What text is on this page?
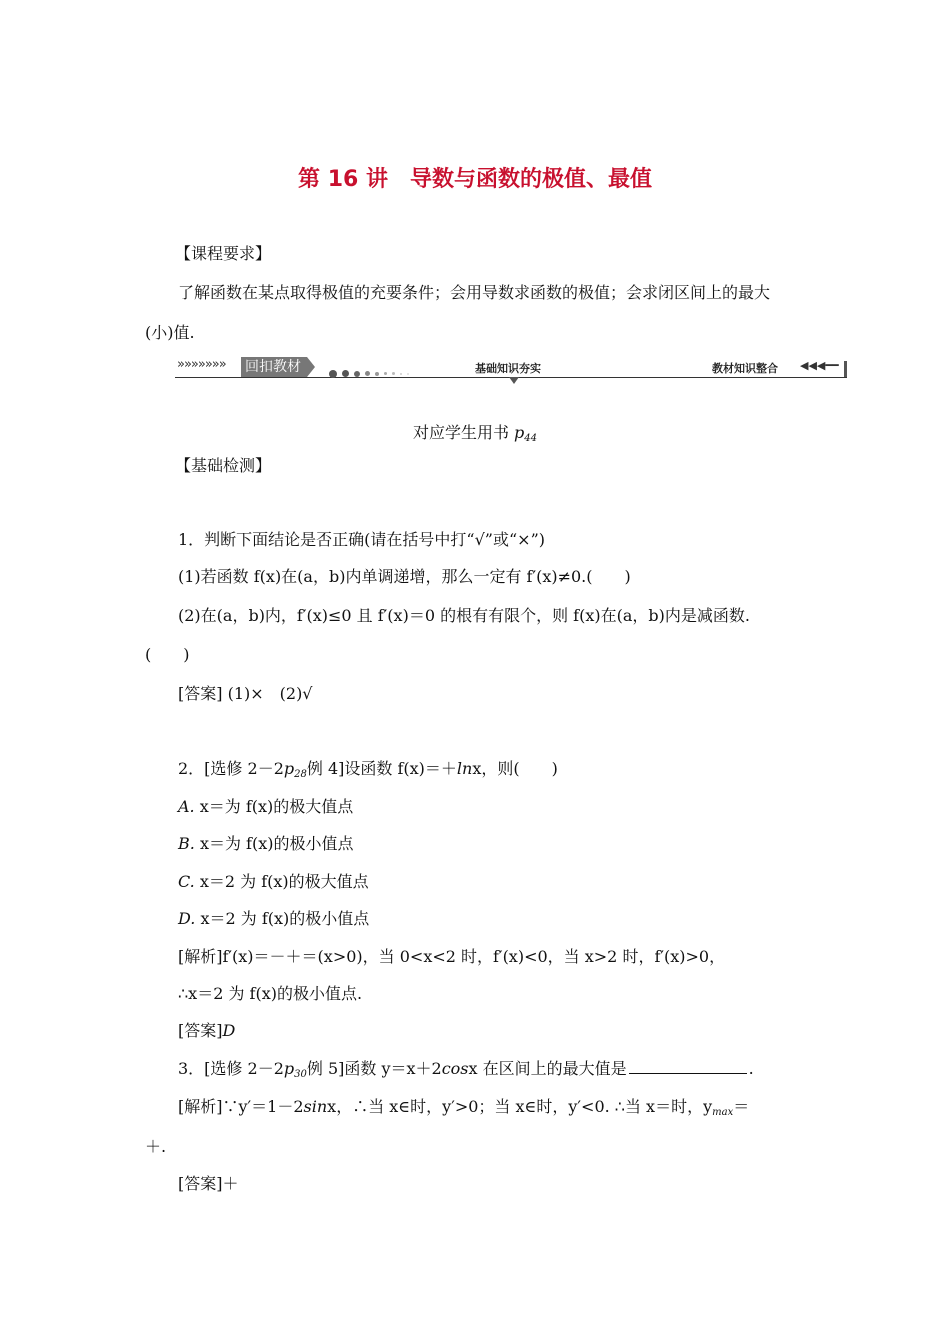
第 16 讲　导数与函数的极值、最值
【课程要求】
了解函数在某点取得极值的充要条件；会用导数求函数的极值；会求闭区间上的最大
(小)值.
»»»»»»» 回扣教材	基础知识夯实	教材知识整合 ◀◀◀━━
对应学生用书 p44
【基础检测】
1．判断下面结论是否正确(请在括号中打“√”或“×”)
(1)若函数 f(x)在(a，b)内单调递增，那么一定有 f′(x)≠0.(　　)
(2)在(a，b)内，f′(x)≤0 且 f′(x)＝0 的根有有限个，则 f(x)在(a，b)内是减函数.
(　　)
[答案] (1)×　(2)√
2．[选修 2－2p28例 4]设函数 f(x)＝＋lnx，则(　　)
A. x＝为 f(x)的极大值点
B. x＝为 f(x)的极小值点
C. x＝2 为 f(x)的极大值点
D. x＝2 为 f(x)的极小值点
[解析]f′(x)＝－＋＝(x>0)，当 0<x<2 时，f′(x)<0，当 x>2 时，f′(x)>0，
∴x＝2 为 f(x)的极小值点.
[答案]D
3．[选修 2－2p30例 5]函数 y＝x＋2cosx 在区间上的最大值是	.
[解析]∵y′＝1－2sinx，∴当 x∈时，y′>0；当 x∈时，y′<0. ∴当 x＝时，ymax＝
＋.
[答案]＋
